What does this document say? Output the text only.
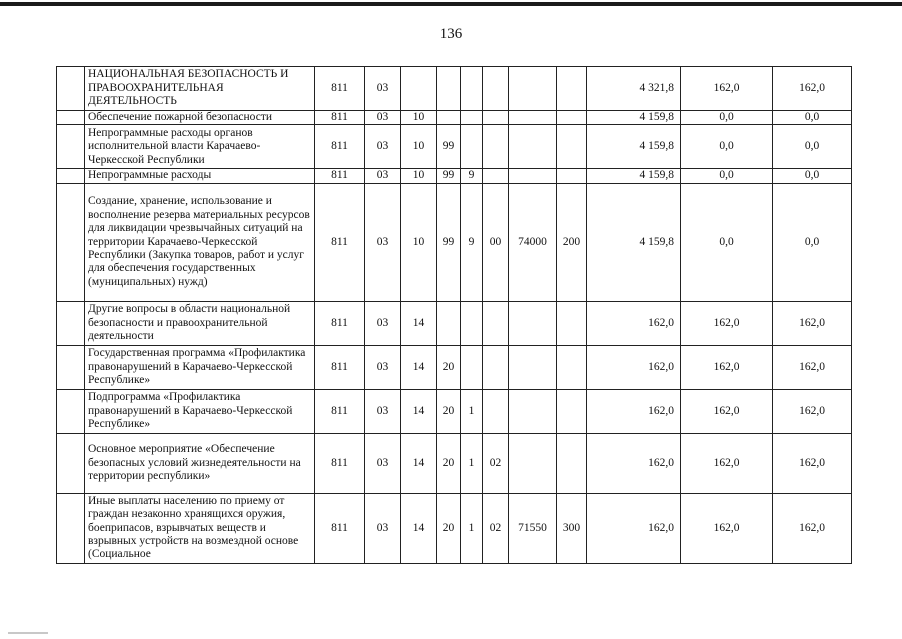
136
	НАЦИОНАЛЬНАЯ БЕЗОПАСНОСТЬ И ПРАВООХРАНИТЕЛЬНАЯ ДЕЯТЕЛЬНОСТЬ	811	03							4 321,8	162,0	162,0
	Обеспечение пожарной безопасности	811	03	10						4 159,8	0,0	0,0
	Непрограммные расходы органов исполнительной власти Карачаево-Черкесской Республики	811	03	10	99					4 159,8	0,0	0,0
	Непрограммные расходы	811	03	10	99	9				4 159,8	0,0	0,0
	Создание, хранение, использование и восполнение резерва материальных ресурсов для ликвидации чрезвычайных ситуаций на территории Карачаево-Черкесской Республики (Закупка товаров, работ и услуг для обеспечения государственных (муниципальных) нужд)	811	03	10	99	9	00	74000	200	4 159,8	0,0	0,0
	Другие вопросы в области национальной безопасности и правоохранительной деятельности	811	03	14						162,0	162,0	162,0
	Государственная программа «Профилактика правонарушений в Карачаево-Черкесской Республике»	811	03	14	20					162,0	162,0	162,0
	Подпрограмма «Профилактика правонарушений в Карачаево-Черкесской Республике»	811	03	14	20	1				162,0	162,0	162,0
	Основное мероприятие «Обеспечение безопасных условий жизнедеятельности на территории республики»	811	03	14	20	1	02			162,0	162,0	162,0
	Иные выплаты населению по приему от граждан незаконно хранящихся оружия, боеприпасов, взрывчатых веществ и взрывных устройств на возмездной основе (Социальное	811	03	14	20	1	02	71550	300	162,0	162,0	162,0
